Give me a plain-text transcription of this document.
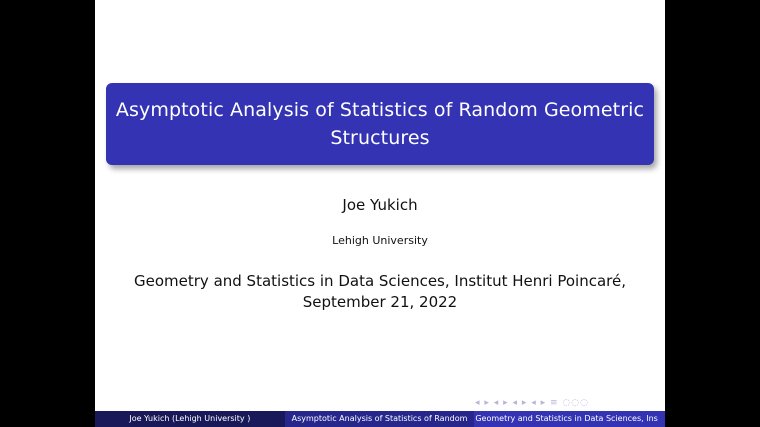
Asymptotic Analysis of Statistics of Random Geometric
Structures
Joe Yukich
Lehigh University
Geometry and Statistics in Data Sciences, Institut Henri Poincaré,
September 21, 2022
◂ ▸ ◂ ▸ ◂ ▸ ◂ ▸ ≡ ◌◌◌
Joe Yukich (Lehigh University )	Asymptotic Analysis of Statistics of Random Geometry and Statistics in Data Sciences, Ins
